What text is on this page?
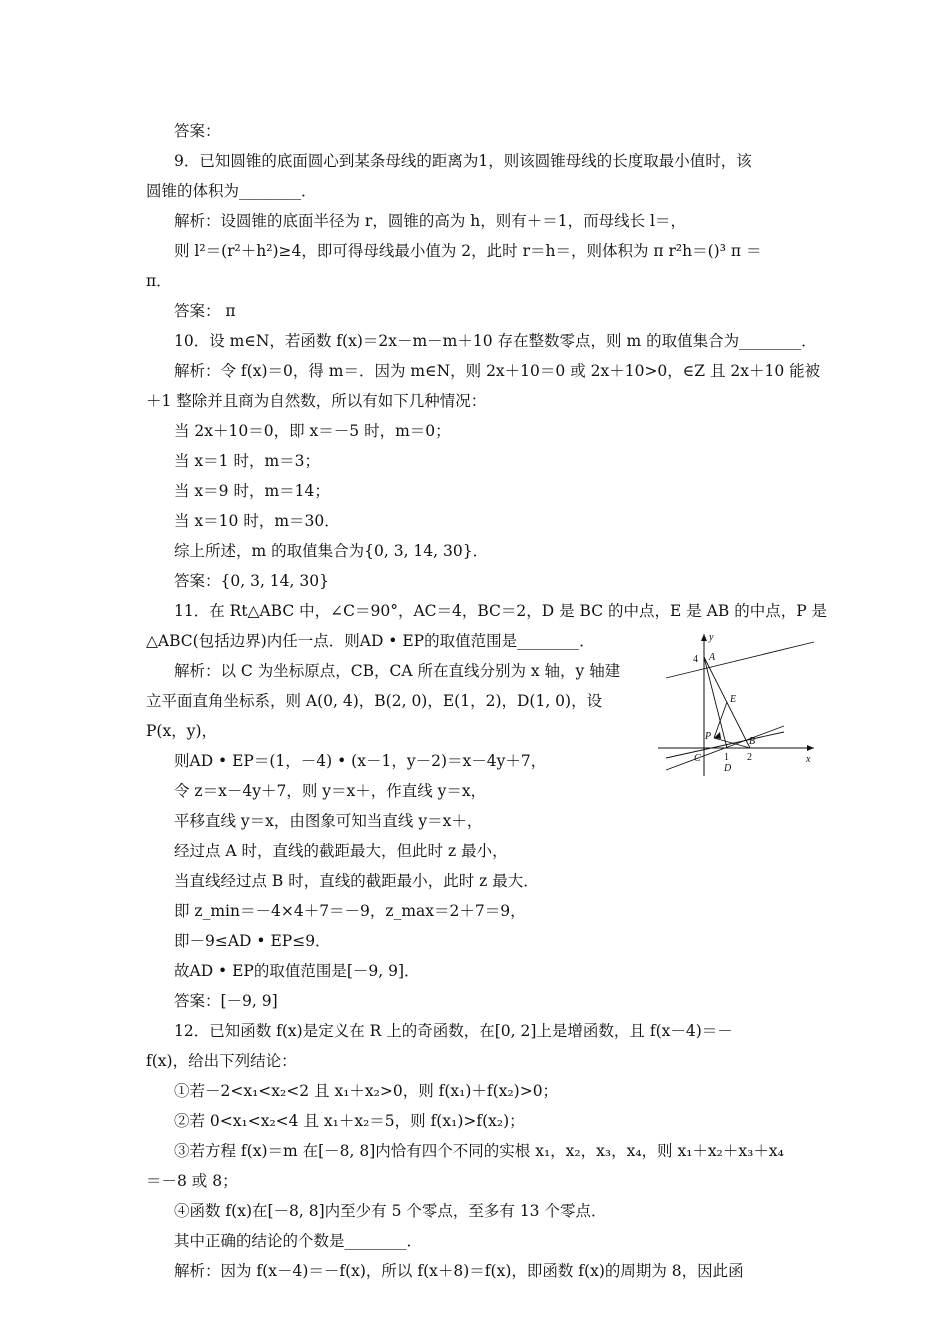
答案：
9．已知圆锥的底面圆心到某条母线的距离为1，则该圆锥母线的长度取最小值时，该
圆锥的体积为________．
解析：设圆锥的底面半径为 r，圆锥的高为 h，则有＋＝1，而母线长 l＝，
则 l²＝(r²＋h²)≥4，即可得母线最小值为 2，此时 r＝h＝，则体积为 π r²h＝()³ π ＝
π．
答案： π
10．设 m∈N，若函数 f(x)＝2x－m－m＋10 存在整数零点，则 m 的取值集合为________．
解析：令 f(x)＝0，得 m＝．因为 m∈N，则 2x＋10＝0 或 2x＋10>0，∈Z 且 2x＋10 能被
＋1 整除并且商为自然数，所以有如下几种情况：
当 2x＋10＝0，即 x＝－5 时，m＝0；
当 x＝1 时，m＝3；
当 x＝9 时，m＝14；
当 x＝10 时，m＝30．
综上所述，m 的取值集合为{0, 3, 14, 30}．
答案：{0, 3, 14, 30}
11．在 Rt△ABC 中，∠C＝90°，AC＝4，BC＝2，D 是 BC 的中点，E 是 AB 的中点，P 是
△ABC(包括边界)内任一点．则AD • EP的取值范围是________．
解析：以 C 为坐标原点，CB，CA 所在直线分别为 x 轴，y 轴建
立平面直角坐标系，则 A(0, 4)，B(2, 0)，E(1，2)，D(1, 0)，设
P(x，y)，
则AD • EP＝(1，－4) • (x－1，y－2)＝x－4y＋7，
令 z＝x－4y＋7，则 y＝x＋，作直线 y＝x，
平移直线 y＝x，由图象可知当直线 y＝x＋，
经过点 A 时，直线的截距最大，但此时 z 最小，
当直线经过点 B 时，直线的截距最小，此时 z 最大．
即 z_min＝－4×4＋7＝－9，z_max＝2＋7＝9，
即－9≤AD • EP≤9．
故AD • EP的取值范围是[－9, 9]．
答案：[－9, 9]
12．已知函数 f(x)是定义在 R 上的奇函数，在[0, 2]上是增函数，且 f(x－4)＝－
f(x)，给出下列结论：
①若－2<x₁<x₂<2 且 x₁＋x₂>0，则 f(x₁)＋f(x₂)>0；
②若 0<x₁<x₂<4 且 x₁＋x₂＝5，则 f(x₁)>f(x₂)；
③若方程 f(x)＝m 在[－8, 8]内恰有四个不同的实根 x₁，x₂，x₃，x₄，则 x₁＋x₂＋x₃＋x₄
＝－8 或 8；
④函数 f(x)在[－8, 8]内至少有 5 个零点，至多有 13 个零点．
其中正确的结论的个数是________．
解析：因为 f(x－4)＝－f(x)，所以 f(x＋8)＝f(x)，即函数 f(x)的周期为 8，因此函
y
x
4 A
E
P	B
C
D
1 2
